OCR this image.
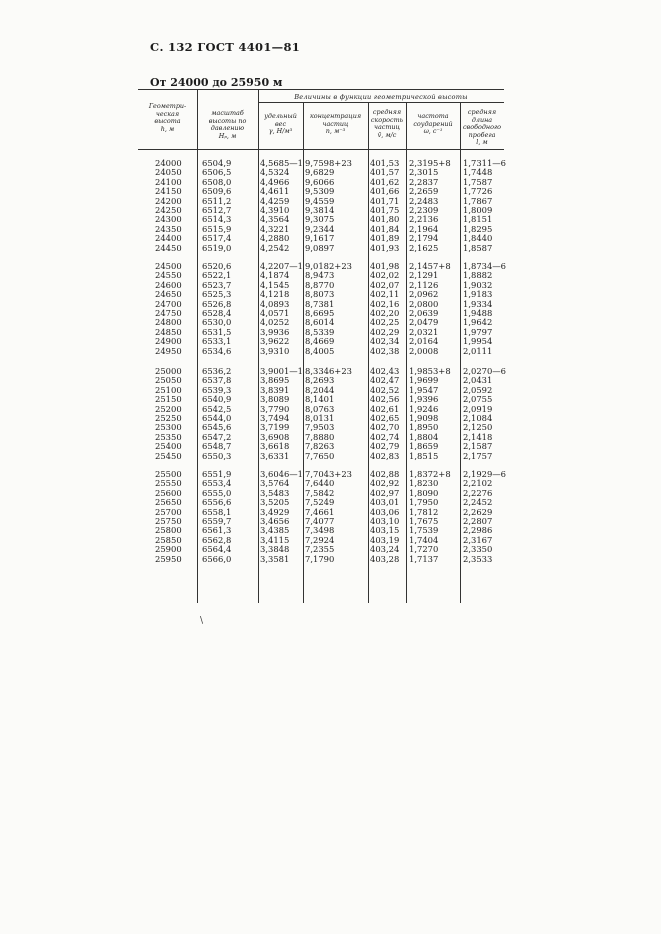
С. 132 ГОСТ 4401—81
От 24000 до 25950 м
Величины в функции геометрической высоты
Геометри-
ческая
высота
h, м
масштаб
высоты по
давлению
Hₚ, м
удельный
вес
γ, Н/м³
концентрация
частиц
n, м⁻³
средняя
скорость
частиц
v̄, м/с
частота
соударений
ω, с⁻¹
средняя длина
свободного
пробега
l, м
24000 6504,9	4,5685—1 9,7598+23 401,53 2,3195+8 1,7311—6
24050 6506,5	4,5324 9,6829	401,57 2,3015	1,7448
24100 6508,0	4,4966 9,6066	401,62 2,2837	1,7587
24150 6509,6	4,4611 9,5309	401,66 2,2659	1,7726
24200 6511,2	4,4259 9,4559	401,71 2,2483	1,7867
24250 6512,7	4,3910 9,3814	401,75 2,2309	1,8009
24300 6514,3	4,3564 9,3075	401,80 2,2136	1,8151
24350 6515,9	4,3221 9,2344	401,84 2,1964	1,8295
24400 6517,4	4,2880 9,1617	401,89 2,1794	1,8440
24450 6519,0	4,2542 9,0897	401,93 2,1625	1,8587
24500 6520,6	4,2207—1 9,0182+23 401,98 2,1457+8 1,8734—6
24550 6522,1	4,1874 8,9473	402,02 2,1291	1,8882
24600 6523,7	4,1545 8,8770	402,07 2,1126	1,9032
24650 6525,3	4,1218 8,8073	402,11 2,0962	1,9183
24700 6526,8	4,0893 8,7381	402,16 2,0800	1,9334
24750 6528,4	4,0571 8,6695	402,20 2,0639	1,9488
24800 6530,0	4,0252 8,6014	402,25 2,0479	1,9642
24850 6531,5	3,9936 8,5339	402,29 2,0321	1,9797
24900 6533,1	3,9622 8,4669	402,34 2,0164	1,9954
24950 6534,6	3,9310 8,4005	402,38 2,0008	2,0111
25000 6536,2	3,9001—1 8,3346+23 402,43 1,9853+8 2,0270—6
25050 6537,8	3,8695 8,2693	402,47 1,9699	2,0431
25100 6539,3	3,8391 8,2044	402,52 1,9547	2,0592
25150 6540,9	3,8089 8,1401	402,56 1,9396	2,0755
25200 6542,5	3,7790 8,0763	402,61 1,9246	2,0919
25250 6544,0	3,7494 8,0131	402,65 1,9098	2,1084
25300 6545,6	3,7199 7,9503	402,70 1,8950	2,1250
25350 6547,2	3,6908 7,8880	402,74 1,8804	2,1418
25400 6548,7	3,6618 7,8263	402,79 1,8659	2,1587
25450 6550,3	3,6331 7,7650	402,83 1,8515	2,1757
25500 6551,9	3,6046—1 7,7043+23 402,88 1,8372+8 2,1929—6
25550 6553,4	3,5764 7,6440	402,92 1,8230	2,2102
25600 6555,0	3,5483 7,5842	402,97 1,8090	2,2276
25650 6556,6	3,5205 7,5249	403,01 1,7950	2,2452
25700 6558,1	3,4929 7,4661	403,06 1,7812	2,2629
25750 6559,7	3,4656 7,4077	403,10 1,7675	2,2807
25800 6561,3	3,4385 7,3498	403,15 1,7539	2,2986
25850 6562,8	3,4115 7,2924	403,19 1,7404	2,3167
25900 6564,4	3,3848 7,2355	403,24 1,7270	2,3350
25950 6566,0	3,3581 7,1790	403,28 1,7137	2,3533
\
